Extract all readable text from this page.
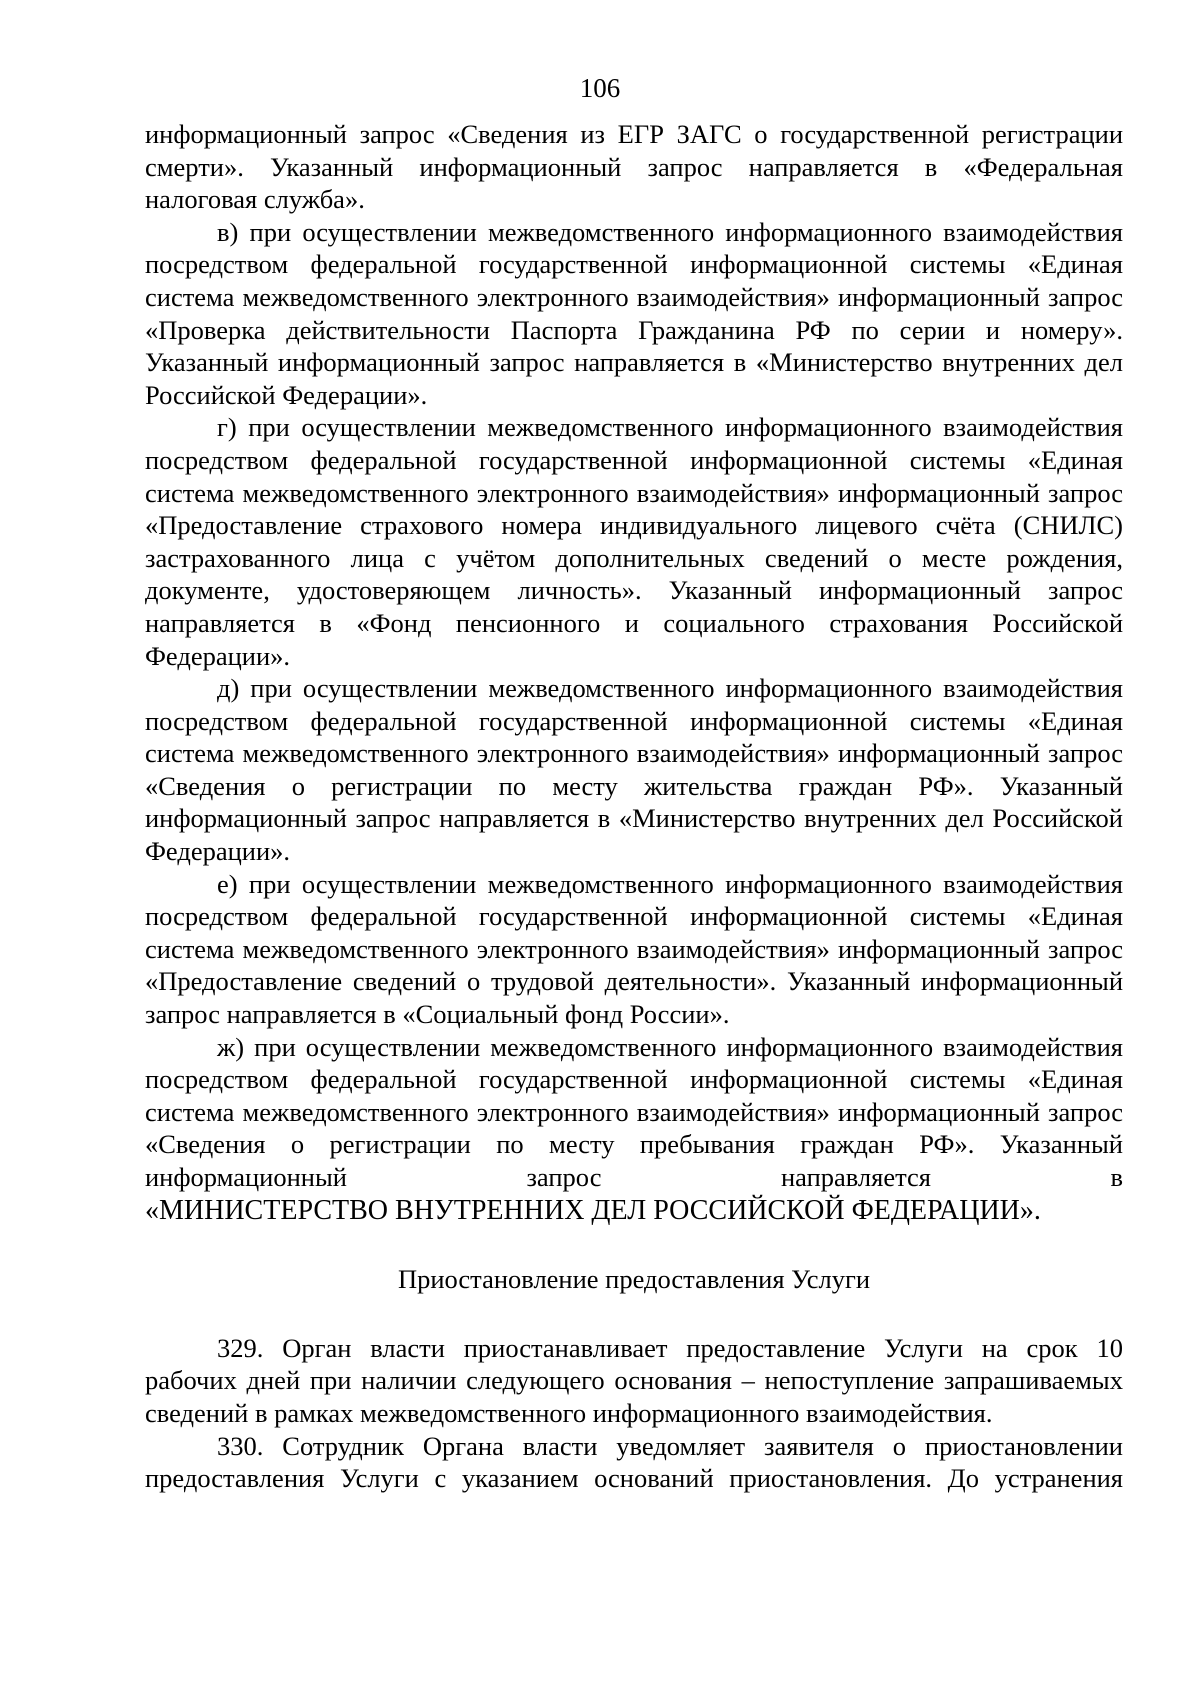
106

информационный запрос «Сведения из ЕГР ЗАГС о государственной регистрации смерти». Указанный информационный запрос направляется в «Федеральная налоговая служба».

в) при осуществлении межведомственного информационного взаимодействия посредством федеральной государственной информационной системы «Единая система межведомственного электронного взаимодействия» информационный запрос «Проверка действительности Паспорта Гражданина РФ по серии и номеру». Указанный информационный запрос направляется в «Министерство внутренних дел Российской Федерации».

г) при осуществлении межведомственного информационного взаимодействия посредством федеральной государственной информационной системы «Единая система межведомственного электронного взаимодействия» информационный запрос «Предоставление страхового номера индивидуального лицевого счёта (СНИЛС) застрахованного лица с учётом дополнительных сведений о месте рождения, документе, удостоверяющем личность». Указанный информационный запрос направляется в «Фонд пенсионного и социального страхования Российской Федерации».

д) при осуществлении межведомственного информационного взаимодействия посредством федеральной государственной информационной системы «Единая система межведомственного электронного взаимодействия» информационный запрос «Сведения о регистрации по месту жительства граждан РФ». Указанный информационный запрос направляется в «Министерство внутренних дел Российской Федерации».

е) при осуществлении межведомственного информационного взаимодействия посредством федеральной государственной информационной системы «Единая система межведомственного электронного взаимодействия» информационный запрос «Предоставление сведений о трудовой деятельности». Указанный информационный запрос направляется в «Социальный фонд России».

ж) при осуществлении межведомственного информационного взаимодействия посредством федеральной государственной информационной системы «Единая система межведомственного электронного взаимодействия» информационный запрос «Сведения о регистрации по месту пребывания граждан РФ». Указанный информационный запрос направляется в

«МИНИСТЕРСТВО ВНУТРЕННИХ ДЕЛ РОССИЙСКОЙ ФЕДЕРАЦИИ».

Приостановление предоставления Услуги

329. Орган власти приостанавливает предоставление Услуги на срок 10 рабочих дней при наличии следующего основания – непоступление запрашиваемых сведений в рамках межведомственного информационного взаимодействия.

330. Сотрудник Органа власти уведомляет заявителя о приостановлении предоставления Услуги с указанием оснований приостановления. До устранения
